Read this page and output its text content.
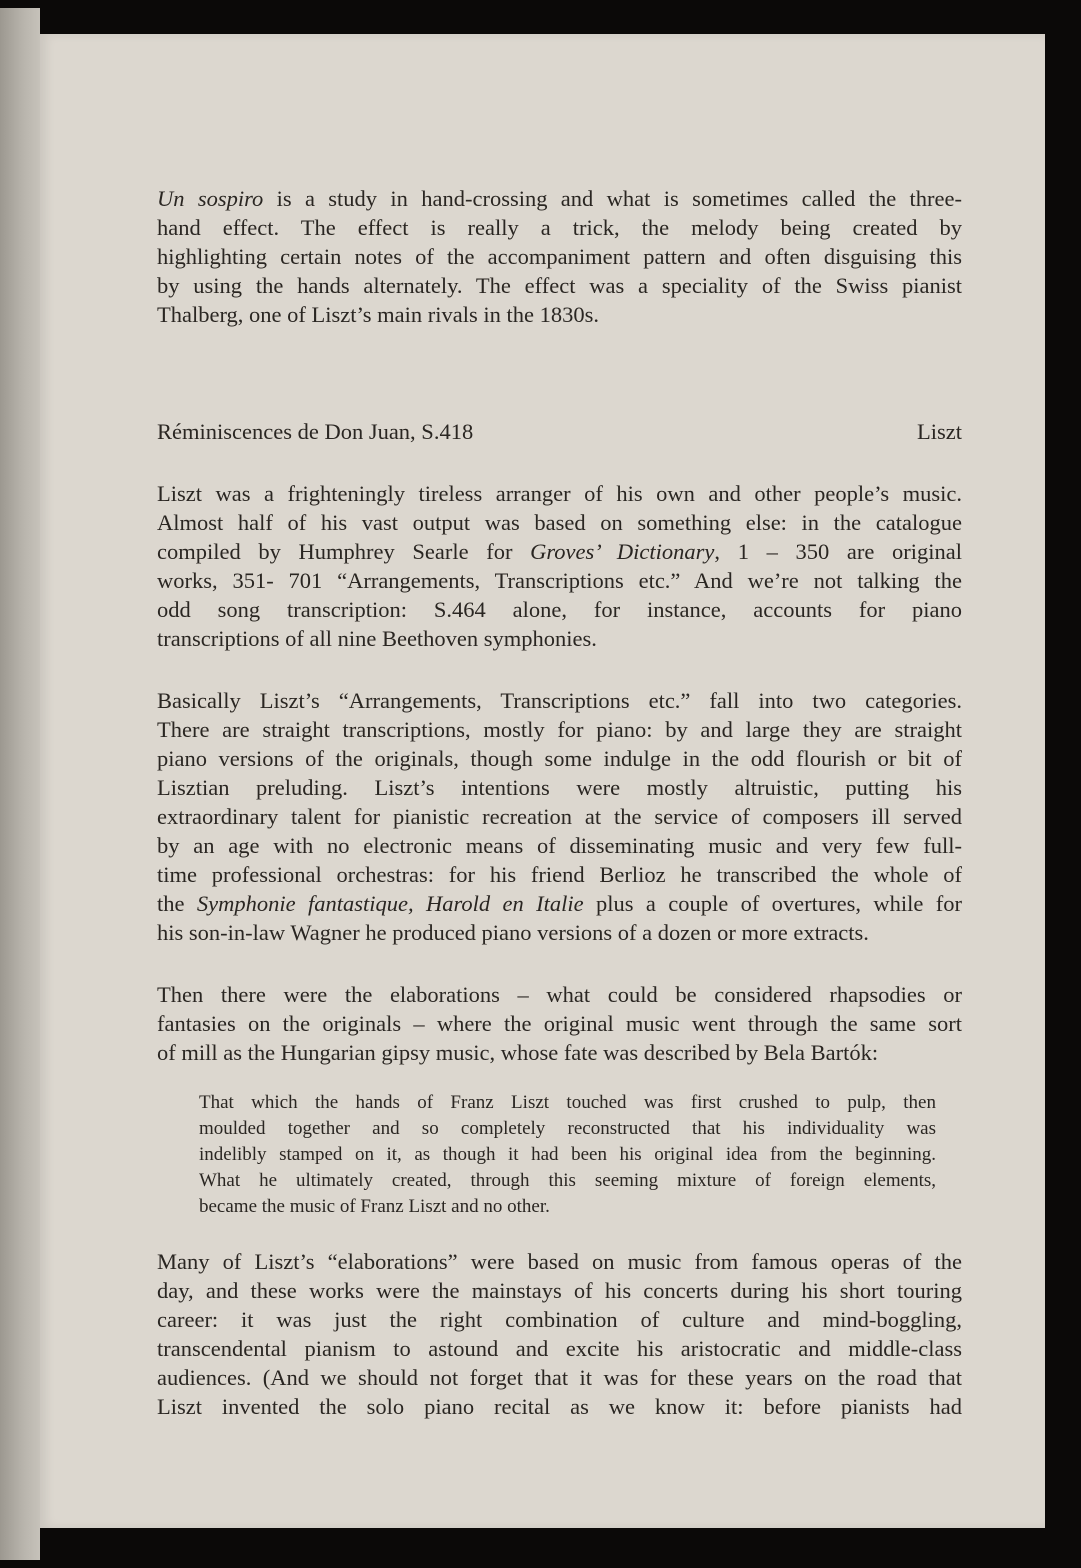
Un sospiro is a study in hand-crossing and what is sometimes called the three-
hand effect. The effect is really a trick, the melody being created by
highlighting certain notes of the accompaniment pattern and often disguising this
by using the hands alternately. The effect was a speciality of the Swiss pianist
Thalberg, one of Liszt’s main rivals in the 1830s.
Réminiscences de Don Juan, S.418	Liszt
Liszt was a frighteningly tireless arranger of his own and other people’s music.
Almost half of his vast output was based on something else: in the catalogue
compiled by Humphrey Searle for Groves’ Dictionary, 1 – 350 are original
works, 351- 701 “Arrangements, Transcriptions etc.” And we’re not talking the
odd song transcription: S.464 alone, for instance, accounts for piano
transcriptions of all nine Beethoven symphonies.
Basically Liszt’s “Arrangements, Transcriptions etc.” fall into two categories.
There are straight transcriptions, mostly for piano: by and large they are straight
piano versions of the originals, though some indulge in the odd flourish or bit of
Lisztian preluding. Liszt’s intentions were mostly altruistic, putting his
extraordinary talent for pianistic recreation at the service of composers ill served
by an age with no electronic means of disseminating music and very few full-
time professional orchestras: for his friend Berlioz he transcribed the whole of
the Symphonie fantastique, Harold en Italie plus a couple of overtures, while for
his son-in-law Wagner he produced piano versions of a dozen or more extracts.
Then there were the elaborations – what could be considered rhapsodies or
fantasies on the originals – where the original music went through the same sort
of mill as the Hungarian gipsy music, whose fate was described by Bela Bartók:
That which the hands of Franz Liszt touched was first crushed to pulp, then
moulded together and so completely reconstructed that his individuality was
indelibly stamped on it, as though it had been his original idea from the beginning.
What he ultimately created, through this seeming mixture of foreign elements,
became the music of Franz Liszt and no other.
Many of Liszt’s “elaborations” were based on music from famous operas of the
day, and these works were the mainstays of his concerts during his short touring
career: it was just the right combination of culture and mind-boggling,
transcendental pianism to astound and excite his aristocratic and middle-class
audiences. (And we should not forget that it was for these years on the road that
Liszt invented the solo piano recital as we know it: before pianists had
